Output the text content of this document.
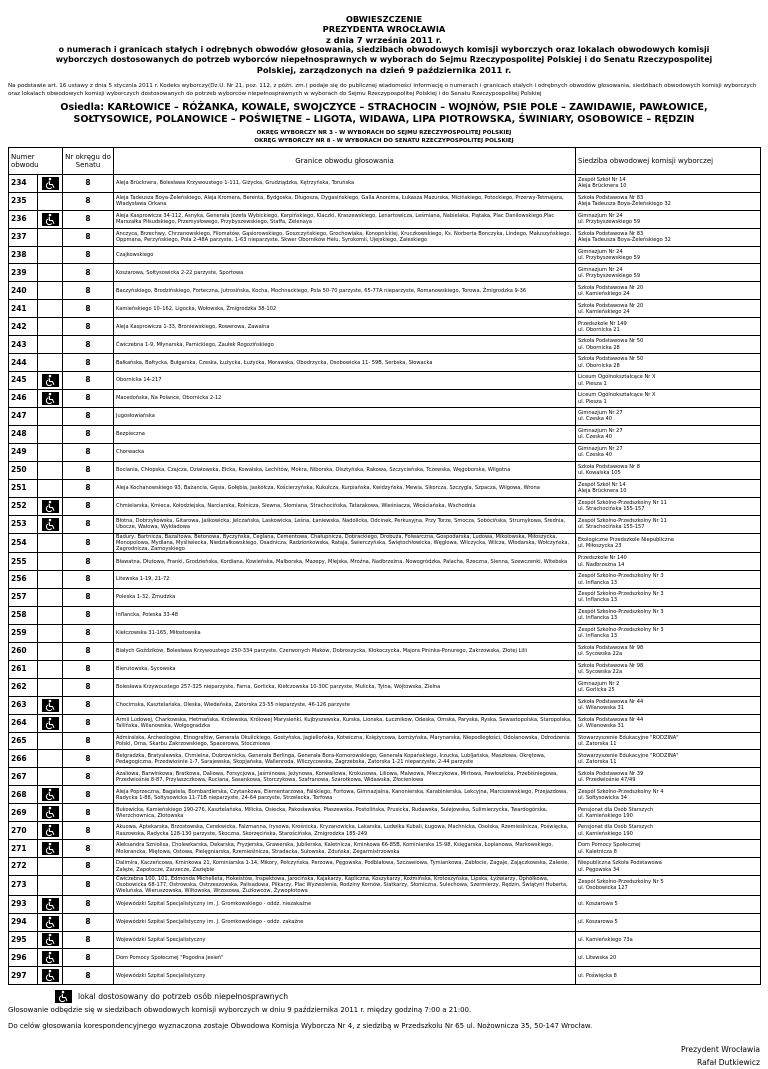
OBWIESZCZENIE
PREZYDENTA WROCŁAWIA
z dnia 7 września 2011 r.
o numerach i granicach stałych i odrębnych obwodów głosowania, siedzibach obwodowych komisji wyborczych oraz lokalach obwodowych komisji
wyborczych dostosowanych do potrzeb wyborców niepełnosprawnych w wyborach do Sejmu Rzeczypospolitej Polskiej i do Senatu Rzeczypospolitej
Polskiej, zarządzonych na dzień 9 października 2011 r.
Na podstawie art. 16 ustawy z dnia 5 stycznia 2011 r. Kodeks wyborczy(Dz.U. Nr 21, poz. 112, z późn. zm.) podaje się do publicznej wiadomości informację o numerach i granicach stałych i odrębnych obwodów głosowania, siedzibach obwodowych komisji wyborczych oraz lokalach obwodowych komisji wyborczych dostosowanych do potrzeb wyborców niepełnosprawnych w wyborach do Sejmu Rzeczypospolitej Polskiej i do Senatu Rzeczypospolitej Polskiej
Osiedla: KARŁOWICE – RÓŻANKA, KOWALE, SWOJCZYCE – STRACHOCIN – WOJNÓW, PSIE POLE – ZAWIDAWIE, PAWŁOWICE,
SOŁTYSOWICE, POLANOWICE – POŚWIĘTNE – LIGOTA, WIDAWA, LIPA PIOTROWSKA, ŚWINIARY, OSOBOWICE – RĘDZIN
OKRĘG WYBORCZY NR 3 - W WYBORACH DO SEJMU RZECZYPOSPOLITEJ POLSKIEJ
OKRĘG WYBORCZY NR 8 - W WYBORACH DO SENATU RZECZYPOSPOLITEJ POLSKIEJ
Numer obwodu		Nr okręgu do Senatu	Granice obwodu głosowania	Siedziba obwodowej komisji wyborczej
234		8	Aleja Brücknera, Bolesława Krzywoustego 1-111, Giżycka, Grudziądzka, Kętrzyńska, Toruńska	Zespół Szkół Nr 14
Aleja Brücknera 10

235		8	Aleja Tadeusza Boya-Żeleńskiego, Aleja Kromera, Berenta, Bydgoska, Długosza, Dygasińskiego, Galla Anonima, Łukasza Mazurska, Micińskiego, Potockiego, Przerwy-Tetmajera, Władysława Orkana	Szkoła Podstawowa Nr 83
Aleja Tadeusza Boya-Żeleńskiego 32

236		8	Aleja Kasprowicza 34-112, Asnyka, Generała Józefa Wybickiego, Karpińskiego, Klaczki, Kraszewskiego, Lenartowicza, Leśmiana, Nabielaka, Piątaka, Plac Danilowskiego,Plac Marszałka Piłsudskiego, Przemysłowego, Przybyszewskiego, Staffa, Zelenaya	Gimnazjum Nr 24
ul. Przybyszewskiego 59

237		8	Anczyca, Brzechwy, Chrzanowskiego, Filomatów, Gąsiorowskiego, Goszczyńskiego, Grochowiaka, Konopnickiej, Kruczkowskiego, Ks. Norberta Bonczyka, Lindego, Małuszyńskiego, Oppmana, Perzyńskiego, Pola 2-48A parzyste, 1-63 nieparzyste, Skwer Oborników Helu, Syrokomli, Ujejskiego, Zaleskiego	Szkoła Podstawowa Nr 83
Aleja Tadeusza Boya-Żeleńskiego 32

238		8	Czajkowskiego	Gimnazjum Nr 24
ul. Przybyszewskiego 59

239		8	Koszarowa, Sołtysowicka 2-22 parzyste, Sportowa	Gimnazjum Nr 24
ul. Przybyszewskiego 59

240		8	Baczyńskiego, Brodzińskiego, Forteczna, Jutrosińska, Kocha, Mochnackiego, Pola 50-70 parzyste, 65-77A nieparzyste, Romanowskiego, Torowa, Żmigrodzka 9-36	Szkoła Podstawowa Nr 20
ul. Kamieńskiego 24

241		8	Kamieńskiego 10–162, Ligocka, Wołowska, Żmigrodzka 38-102	Szkoła Podstawowa Nr 20
ul. Kamieńskiego 24

242		8	Aleja Kasprowicza 1-33, Broniewskiego, Rowerowa, Zawalna	Przedszkole Nr 149
ul. Obornicka 21

243		8	Ćwiczebna 1-9, Młynarska, Parnickiego, Zaułek Rogozińskiego	Szkoła Podstawowa Nr 50
ul. Obornicka 28

244		8	Bałkańska, Bałtycka, Bułgarska, Czeska, Łużycka, Łużycka, Morawska, Obodrzycka, Osobowicka 11- 59B, Serbska, Słowacka	Szkoła Podstawowa Nr 50
ul. Obornicka 28

245		8	Obornicka 14-217	Liceum Ogólnokształcące Nr X
ul. Piesza 1

246		8	Macedońska, Na Polance, Obornicka 2-12	Liceum Ogólnokształcące Nr X
ul. Piesza 1

247		8	Jugosłowiańska	Gimnazjum Nr 27
ul. Czeska 40

248		8	Bezpieczna	Gimnazjum Nr 27
ul. Czeska 40

249		8	Chorwacka	Gimnazjum Nr 27
ul. Czeska 40

250		8	Bociania, Chłopska, Czajcza, Działowska, Ełcka, Kowalska, Lechitów, Mokra, Niborska, Olsztyńska, Rakowa, Szczycieńska, Tczewska, Węgoborska, Wilgotna	Szkoła Podstawowa Nr 8
ul. Kowalska 105

251		8	Aleja Kochanowskiego 93, Bażancia, Gęsia, Gołębia, Jaskółcza, Kościerzyńska, Kukułcza, Kurpiańska, Kwidzyńska, Mewia, Sikorcza, Szczygla, Szpacza, Wilgowa, Wrona	Zespół Szkół Nr 14
Aleja Brücknera 10

252		8	Chmielarska, Kmieca, Kołodziejska, Narciarska, Rolnicza, Siewna, Słomiana, Strachocińska, Tatarakowa, Wieśniacza, Włościańska, Wschodnia	Zespół Szkolno-Przedszkolny Nr 11
ul. Strachocińska 155-157

253		8	Błotna, Dobrzykowska, Gitarowa, Jaśkowicka, Jelczańska, Laskowicka, Leśna, Łaniewska, Nadolicka, Odcinek, Perkusyjna, Przy Torze, Smocza, Sobócińska, Strumykowa, Średnia, Ubocze, Wałowa, Wykładowa	Zespół Szkolno-Przedszkolny Nr 11
ul. Strachocińska 155-157

254		8	Badury, Bartnicza, Bazaltowa, Betonowa, Byczyńska, Ceglana, Cementowa, Chałupnicza, Dobrackiego, Drobuża, Folwarczna, Gospodarska, Ludowa, Mikołowska, Miłoszycka, Monopolowa, Mydlana, Myśliwiecka, Niedziałkowskiego, Osadnicza, Radzionkowska, Rataja, Świerczyńska, Świętochłowicka, Węglowa, Wilczycka, Wilcza, Włodarska, Wołczyńska, Zagrodnicza, Zamoyskiego	Ekologiczne Przedszkole Niepubliczne
ul. Miłoszycka 23

255		8	Bławatna, Dłutowa, Franki, Grodzieńska, Kordiana, Kowieńska, Malborska, Mazepy, Miejska, Mroźna, Nadbrzeżna, Nowogródzka, Palacha, Rzeczna, Sienna, Szewczenki, Witebska	Przedszkole Nr 140
ul. Nadbrzeżna 14

256		8	Litewska 1-19, 21-72	Zespół Szkolno-Przedszkolny Nr 3
ul. Inflancka 13

257		8	Poleska 1-32, Żmudzka	Zespół Szkolno-Przedszkolny Nr 3
ul. Inflancka 13

258		8	Inflancka, Poleska 33-48	Zespół Szkolno-Przedszkolny Nr 3
ul. Inflancka 13

259		8	Kiełczowska 31-165, Miłostowska	Zespół Szkolno-Przedszkolny Nr 3
ul. Inflancka 13

260		8	Białych Goździków, Bolesława Krzywoustego 250-334 parzyste, Czerwonych Maków, Dobroszycka, Kłokoczycka, Majora Pininka-Ponurego, Zakrzowska, Złotej Lilii	Szkoła Podstawowa Nr 98
ul. Sycowska 22a

261		8	Bierutowska, Sycowska	Szkoła Podstawowa Nr 98
ul. Sycowska 22a

262		8	Bolesława Krzywoustego 257-325 nieparzyste, Farna, Gorlicka, Kiełczowska 10-30C parzyste, Mulicka, Tylna, Wójtowska, Zielna	Gimnazjum Nr 2
ul. Gorlicka 25

263		8	Chocimska, Kasztelańska, Oleska, Wiedeńska, Zatorska 23-55 nieparzyste, 46-126 parzyste	Szkoła Podstawowa Nr 44
ul. Wilanowska 31

264		8	Armii Ludowej, Charkowska, Hetmańska, Królewska, Królowej Marysieńki, Kujbyszewska, Kurska, Lionska, Łucznikow, Odeska, Omska, Paryska, Ryska, Sewastopolska, Staropolska, Tallińska, Wilanowska, Wołgogradzka	Szkoła Podstawowa Nr 44
ul. Wilanowska 31

265		8	Admiralska, Archeologów, Etnografów, Generała Okulickiego, Gostyńska, Jagiellońska, Kotwiczna, Księżycowa, Łomżyńska, Marynarska, Niepodległości, Odolanowska, Odrodzenia Polski, Orna, Skarbu Zakrzowskiego, Spacerowa, Stoczniowa	Stowarzyszenie Edukacyjne "RODZINA"
ul. Zatorska 11

266		8	Belgradzka, Bratysławska, Chmielna, Dubrownicka, Generała Berlinga, Generała Bora-Komorowskiego, Generała Kopańskiego, Irzucka, Lubljańska, Maszłowa, Okrętowa, Pedagogiczna, Przedwiośnie 1-7, Sarajewska, Skopjańska, Wallenroda, Wilczycowska, Zagrzebska, Zatorska 1-21 nieparzyste, 2-44 parzyste	Stowarzyszenie Edukacyjne "RODZINA"
ul. Zatorska 11

267		8	Azaliowa, Barwinkowa, Bratkowa, Daliowa, Forsycjowa, Jaśminowa, Jeżynowa, Konwaliowa, Krokusowa, Liliowa, Malwowa, Mieczykowa, Mirtowa, Pawłowicka, Przebiśniegowa, Przedwiośnie 8-87, Przylaszczkowa, Ruciana, Sasankowa, Storczykowa, Szafranowa, Szarotkowa, Widawska, Złocieniowa	Szkoła Podstawowa Nr 39
ul. Przedwiośnie 47/49

268		8	Aleja Poprzeczna, Bagatela, Bombardierska, Czytankowa, Elementarzowa, Falskiego, Fortowa, Gimnazjalna, Kanonierska, Karabinierska, Lekcyjna, Marcszewskiego, Przejazdowa, Radycka 1-88, Sołtysowicka 11-71B nieparzyste, 24-64 parzyste, Strzelecka, Torfowa	Zespół Szkolno-Przedszkolny Nr 4
ul. Sołtysowicka 34

269		8	Bukowicka, Kamieńskiego 190-276, Kasztelańska, Milicka, Osiecka, Pakosławska, Płaszewska, Postolińska, Prusicka, Rudawska, Sulejowska, Sulimierzycka, Twardogórska, Wierzchownica, Złotowska	Pensjonat dla Osób Starszych
ul. Kamieńskiego 190

270		8	Akuowa, Aptekarska, Brzostowska, Cerekwicka, Falzmanna, Irysowa, Krośnicka, Kryzanowicka, Lakarska, Ludwika Kubali, Ługowa, Machnicka, Osolska, Rzemieślnicza, Poświęcka, Raszowska, Radycka 128-130 parzyste, Skoczna, Skorzęcińska, Starościńska, Zmigrodzka 185-249	Pensjonat dla Osób Starszych
ul. Kamieńskiego 190

271		8	Aleksandra Szniolisa, Cholewkarska, Dekarska, Fryzjerska, Grawerska, Jubilerska, Kaletnicza, Kminkowa 66-85B, Kominiarska 15-98, Księgarska, Łopianowa, Markowskiego, Molorancka, Miętowa, Ostowa, Pielęgniarska, Rzemieślnicza, Stradacka, Sułowska, Zduńska, Zegarmistrzowska	Dom Pomocy Społecznej
ul. Kaletnicza 8

272		8	Dalimira, Kaczeńcowa, Kminkowa 21, Kominiarska 1-14, Mikory, Pełczyńska, Perzowa, Pęgowska, Podbiałowa, Szczawiowa, Tymiankowa, Zabłocie, Zagaje, Zajączkowska, Zalesie, Zalęże, Zapotocze, Zarzecze, Zaziębie	Niepubliczna Szkoła Podstawowa
ul. Pęgowska 34

273		8	Ćwiczebna 100, 101, Edmonda Michelleta, Hokeistów, Inspektowa, Jarocińska, Kajakarzy, Kapliczna, Koszykarzy, Koźmińska, Krotoszyńska, Lipska, Łyżwiarzy, Ophółkowa, Osobowicka 68-177, Ostrowska, Ostrzeszowska, Palisadowa, Pilkarzy, Plac Wyzwolenia, Rodziny Kornów, Siatkarzy, Słomiczna, Sulechowa, Szermierzy, Rędzin, Świątyni Huberta, Wieluńska, Wieruszowska, Wiltowska, Wrzosowa, Żużlowców, Żywopłotowa	Zespół Szkolno-Przedszkolny Nr 5
ul. Osobowicka 127

293		8	Wojewódzki Szpital Specjalistyczny im. J. Gromkowskiego - oddz. niezakaźne	ul. Koszarowa 5

294		8	Wojewódzki Szpital Specjalistyczny im. J. Gromkowskiego - oddz. zakaźne	ul. Koszarowa 5

295		8	Wojewódzki Szpital Specjalistyczny	ul. Kamieńskiego 73a

296		8	Dom Pomocy Społecznej "Pogodna Jesień"	ul. Litewska 20

297		8	Wojewódzki Szpital Specjalistyczny	ul. Poświęcka 8
lokal dostosowany do potrzeb osób niepełnosprawnych
Głosowanie odbędzie się w siedzibach obwodowych komisji wyborczych w dniu 9 października 2011 r. między godziną 7:00 a 21:00.
Do celów głosowania korespondencyjnego wyznaczona zostaje Obwodowa Komisja Wyborcza Nr 4, z siedzibą w Przedszkolu Nr 65 ul. Nożownicza 35, 50-147 Wrocław.
Prezydent Wrocławia
Rafał Dutkiewicz
